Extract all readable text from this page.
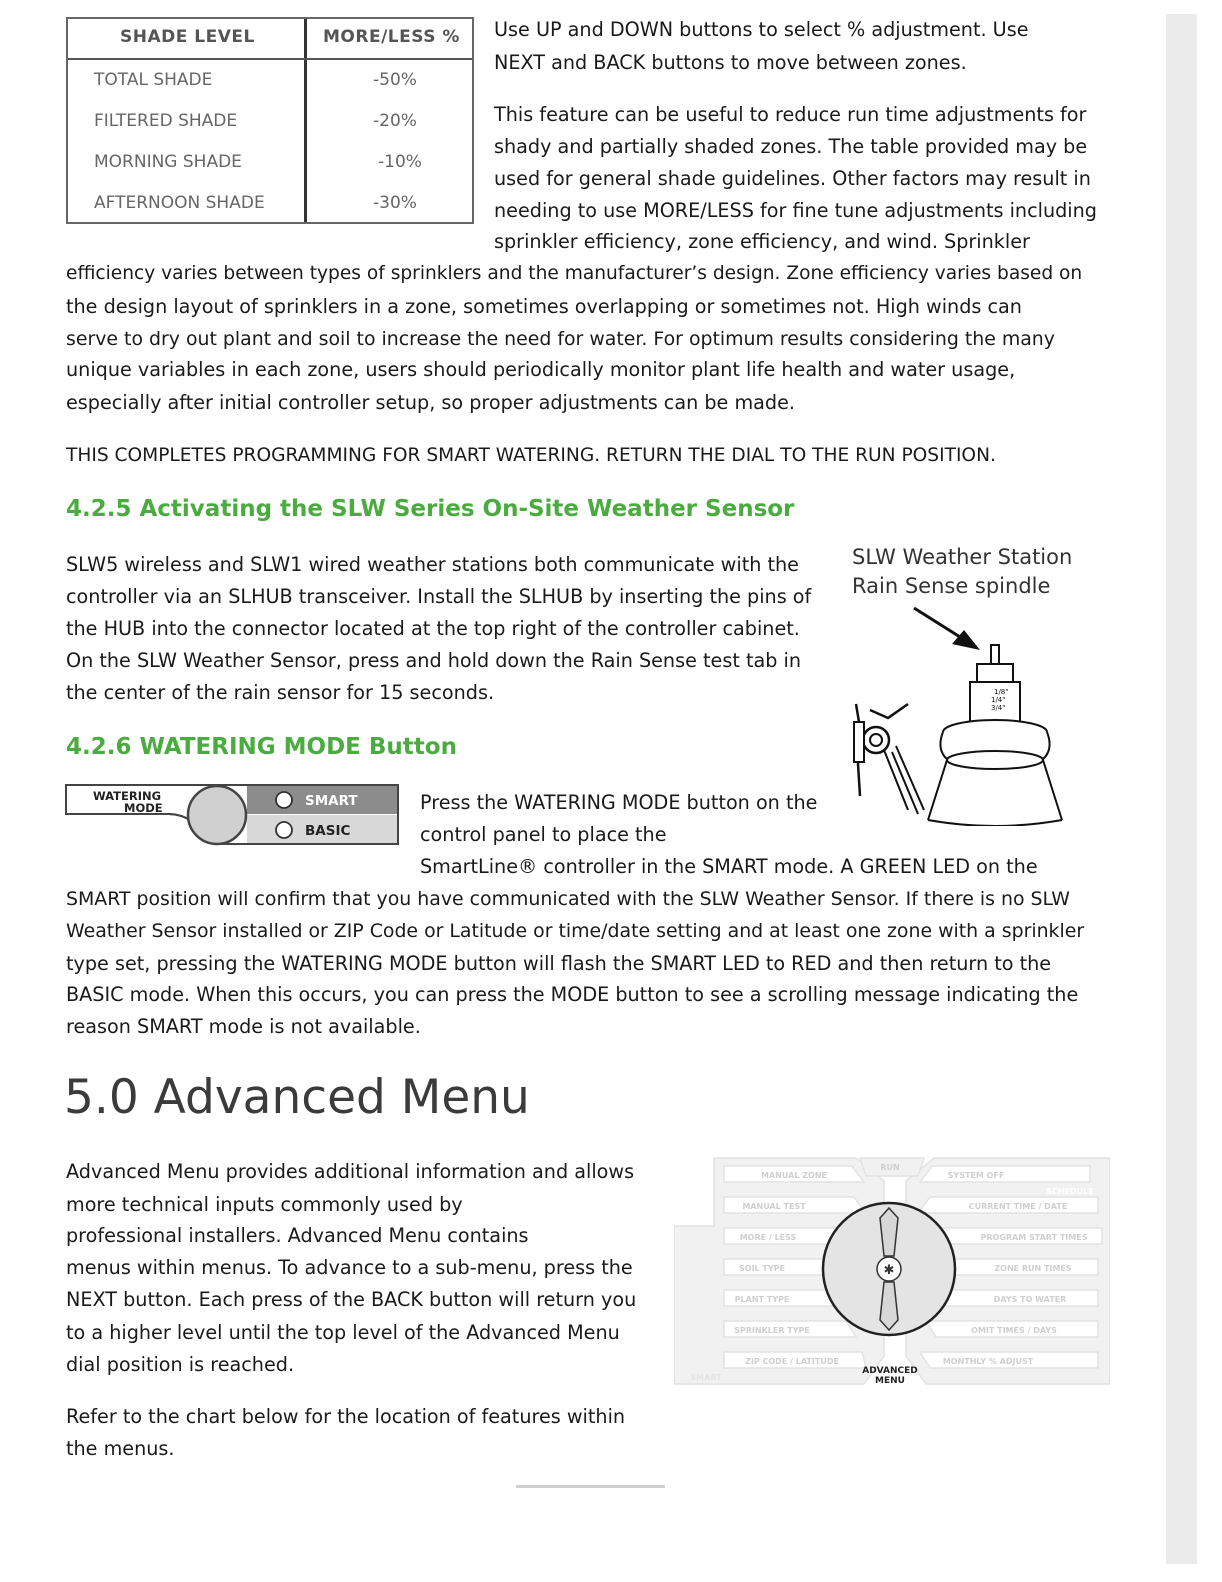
SHADE LEVEL	MORE/LESS %
TOTAL SHADE	-50%
FILTERED SHADE	-20%
MORNING SHADE	-10%
AFTERNOON SHADE	-30%

Use UP and DOWN buttons to select % adjustment. Use

NEXT and BACK buttons to move between zones.

This feature can be useful to reduce run time adjustments for

shady and partially shaded zones. The table provided may be

used for general shade guidelines. Other factors may result in

needing to use MORE/LESS for fine tune adjustments including

sprinkler efficiency, zone efficiency, and wind. Sprinkler

efficiency varies between types of sprinklers and the manufacturer’s design. Zone efficiency varies based on

the design layout of sprinklers in a zone, sometimes overlapping or sometimes not. High winds can

serve to dry out plant and soil to increase the need for water. For optimum results considering the many

unique variables in each zone, users should periodically monitor plant life health and water usage,

especially after initial controller setup, so proper adjustments can be made.

THIS COMPLETES PROGRAMMING FOR SMART WATERING. RETURN THE DIAL TO THE RUN POSITION.

4.2.5 Activating the SLW Series On-Site Weather Sensor

SLW5 wireless and SLW1 wired weather stations both communicate with the

controller via an SLHUB transceiver. Install the SLHUB by inserting the pins of

the HUB into the connector located at the top right of the controller cabinet.

On the SLW Weather Sensor, press and hold down the Rain Sense test tab in

the center of the rain sensor for 15 seconds.

SLW Weather Station
Rain Sense spindle
1/8"
1/4"
3/4"
4.2.6 WATERING MODE Button
WATERING
MODE	SMART
BASIC

Press the WATERING MODE button on the

control panel to place the

SmartLine® controller in the SMART mode. A GREEN LED on the

SMART position will confirm that you have communicated with the SLW Weather Sensor. If there is no SLW

Weather Sensor installed or ZIP Code or Latitude or time/date setting and at least one zone with a sprinkler

type set, pressing the WATERING MODE button will flash the SMART LED to RED and then return to the

BASIC mode. When this occurs, you can press the MODE button to see a scrolling message indicating the

reason SMART mode is not available.

5.0 Advanced Menu

Advanced Menu provides additional information and allows

more technical inputs commonly used by

professional installers. Advanced Menu contains

menus within menus. To advance to a sub-menu, press the

NEXT button. Each press of the BACK button will return you

to a higher level until the top level of the Advanced Menu

dial position is reached.

Refer to the chart below for the location of features within

the menus.

RUN
MANUAL ZONE
MANUAL TEST
MORE / LESS
SOIL TYPE
PLANT TYPE
SPRINKLER TYPE
ZIP CODE / LATITUDE
SYSTEM OFF
CURRENT TIME / DATE
PROGRAM START TIMES
ZONE RUN TIMES
DAYS TO WATER
OMIT TIMES / DAYS
MONTHLY % ADJUST
SMART
SCHEDULE
✱
ADVANCED
MENU
